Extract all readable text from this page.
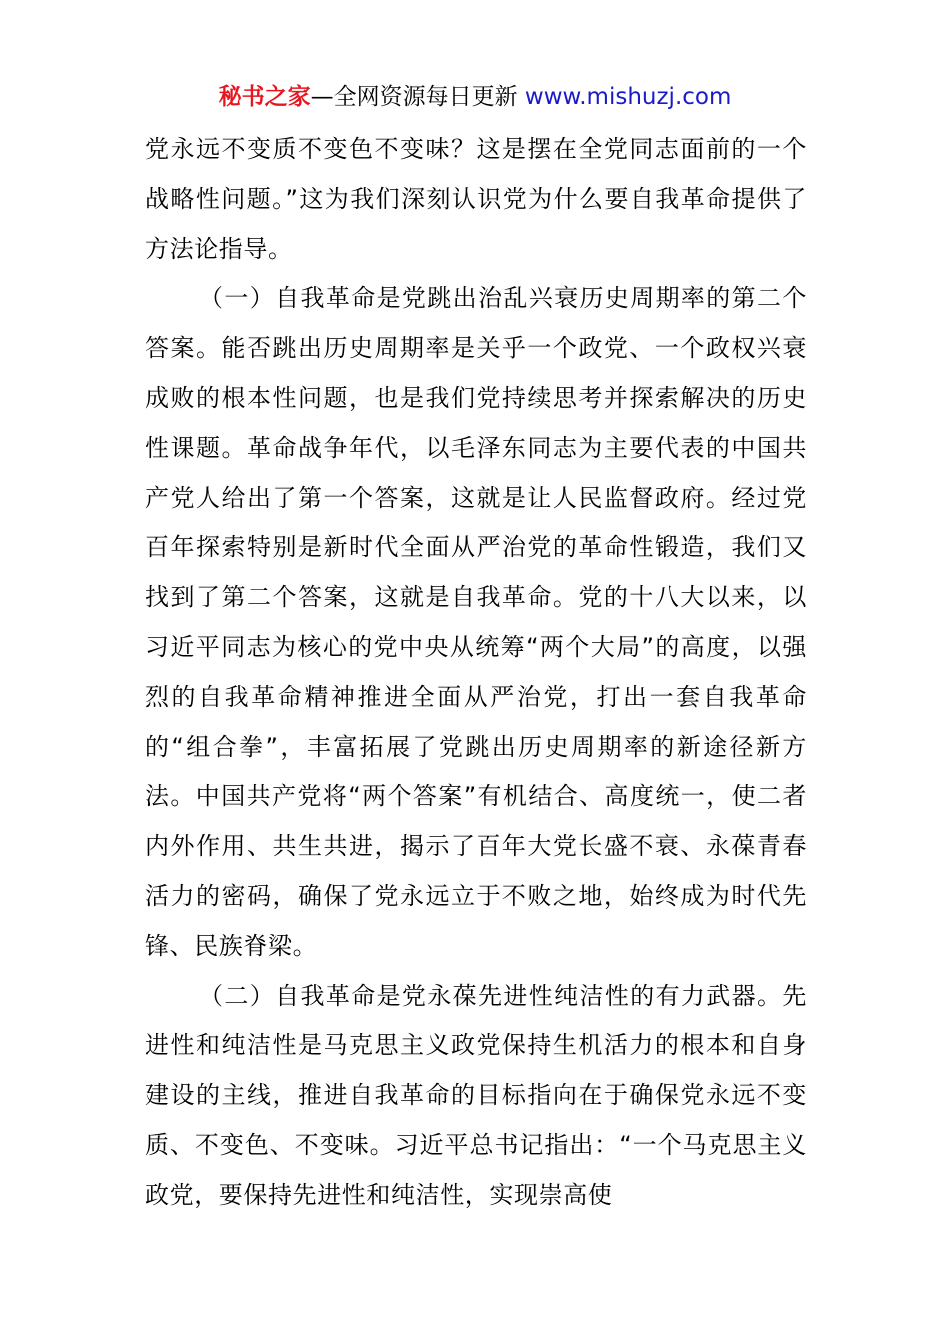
秘书之家—全网资源每日更新 www.mishuzj.com

党永远不变质不变色不变味？这是摆在全党同志面前的一个战略性问题。”这为我们深刻认识党为什么要自我革命提供了方法论指导。

（一）自我革命是党跳出治乱兴衰历史周期率的第二个答案。能否跳出历史周期率是关乎一个政党、一个政权兴衰成败的根本性问题，也是我们党持续思考并探索解决的历史性课题。革命战争年代，以毛泽东同志为主要代表的中国共产党人给出了第一个答案，这就是让人民监督政府。经过党百年探索特别是新时代全面从严治党的革命性锻造，我们又找到了第二个答案，这就是自我革命。党的十八大以来，以习近平同志为核心的党中央从统筹“两个大局”的高度，以强烈的自我革命精神推进全面从严治党，打出一套自我革命的“组合拳”，丰富拓展了党跳出历史周期率的新途径新方法。中国共产党将“两个答案”有机结合、高度统一，使二者内外作用、共生共进，揭示了百年大党长盛不衰、永葆青春活力的密码，确保了党永远立于不败之地，始终成为时代先锋、民族脊梁。

（二）自我革命是党永葆先进性纯洁性的有力武器。先进性和纯洁性是马克思主义政党保持生机活力的根本和自身建设的主线，推进自我革命的目标指向在于确保党永远不变质、不变色、不变味。习近平总书记指出：“一个马克思主义政党，要保持先进性和纯洁性，实现崇高使
